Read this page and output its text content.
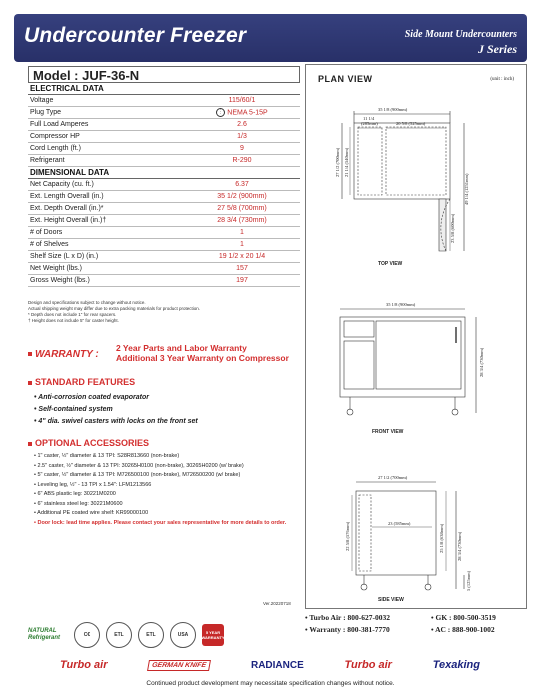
Undercounter Freezer	Side Mount Undercounters
J Series
Model : JUF-36-N
ELECTRICAL DATA	
Voltage	115/60/1
Plug Type	⋮ NEMA 5-15P
Full Load Amperes	2.6
Compressor HP	1/3
Cord Length (ft.)	9
Refrigerant	R-290
DIMENSIONAL DATA	
Net Capacity (cu. ft.)	6.37
Ext. Length Overall (in.)	35 1/2 (900mm)
Ext. Depth Overall (in.)*	27 5/8 (700mm)
Ext. Height Overall (in.)†	28 3/4 (730mm)
# of Doors	1
# of Shelves	1
Shelf Size (L x D) (in.)	19 1/2 x 20 1/4
Net Weight (lbs.)	157
Gross Weight (lbs.)	197
Design and specifications subject to change without notice.
Actual shipping weight may differ due to extra packing materials for product protection.
* Depth does not include 1" for rear spacers.
† Height does not include 5" for caster height.
WARRANTY :
2 Year Parts and Labor Warranty
Additional 3 Year Warranty on Compressor
STANDARD FEATURES
• Anti-corrosion coated evaporator
• Self-contained system
• 4" dia. swivel casters with locks on the front set
OPTIONAL ACCESSORIES
• 1" caster, ½" diameter & 13 TPI: S28R813660 (non-brake)
• 2.5" caster, ½" diameter & 13 TPI: 30265H0100 (non-brake), 30265H0200 (w/ brake)
• 5" caster, ½" diameter & 13 TPI: M726500100 (non-brake), M726500200 (w/ brake)
• Leveling leg, ½" - 13 TPI x 1.54": LFM1213566
• 6" ABS plastic leg: 30221M0200
• 6" stainless steel leg: 30221M0600
• Additional PE coated wire shelf: KR99000100
• Door lock: lead time applies. Please contact your sales representative for more details to order.
Ver.20220718
PLAN VIEW	(unit : inch)
35 1/8 (900mm)
11 1/4
(285mm)	20 5/8 (525mm)
27 1/2 (700mm) 21 1/4 (540mm)
49 1/4 (1251mm)
23 5/8 (600mm)
35 1/8 (900mm)
28 3/4 (730mm)
27 1/2 (700mm)
23 (585mm)
22 5/8 (576mm)	25 1/8 (638mm)	28 3/4 (730mm)
5 (125mm)
TOP VIEW
FRONT VIEW
SIDE VIEW
• Turbo Air : 800-627-0032	• GK : 800-500-3519
• Warranty : 800-381-7770	• AC : 888-900-1002
NATURAL Refrigerant	C€	ETL	ETL	USA	5 YEAR WARRANTY
Turbo air	GERMAN KNIFE	RADIANCE	Turbo air	Texaking
Continued product development may necessitate specification changes without notice.
